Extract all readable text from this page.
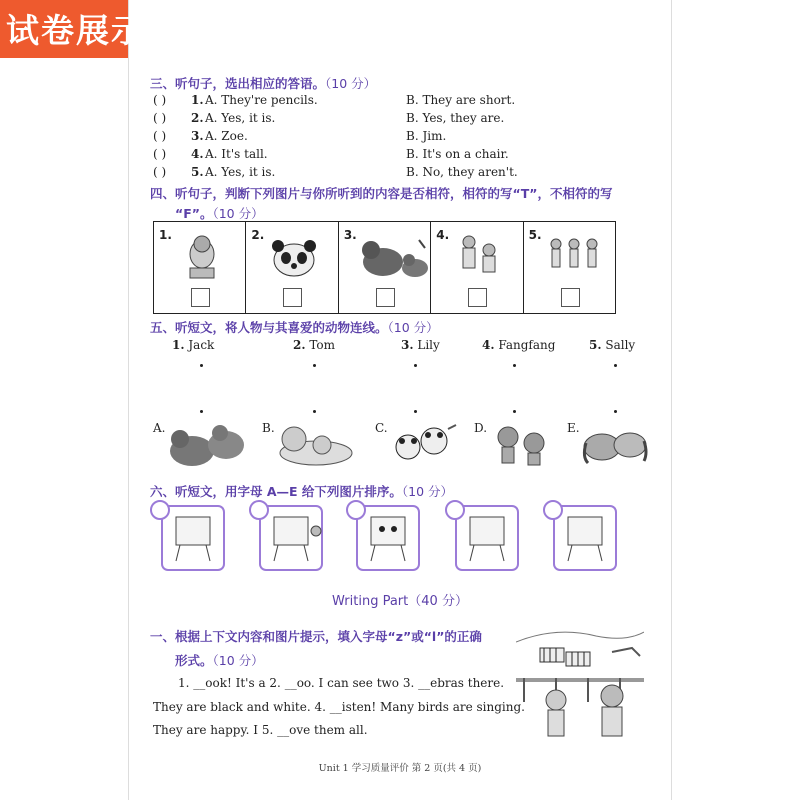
试卷展示
三、听句子，选出相应的答语。（10 分）
( ) 1. A. They're pencils.	B. They are short.
( ) 2. A. Yes, it is.	B. Yes, they are.
( ) 3. A. Zoe.	B. Jim.
( ) 4. A. It's tall.	B. It's on a chair.
( ) 5. A. Yes, it is.	B. No, they aren't.
四、听句子，判断下列图片与你所听到的内容是否相符，相符的写“T”，不相符的写
“F”。（10 分）
1.	2.	3.	4.	5.
五、听短文，将人物与其喜爱的动物连线。（10 分）
1. Jack	2. Tom	3. Lily	4. Fangfang	5. Sally
A.	B.	C.	D.	E.
六、听短文，用字母 A—E 给下列图片排序。（10 分）
Writing Part（40 分）
一、根据上下文内容和图片提示，填入字母“z”或“l”的正确
形式。（10 分）
1. __ook! It's a 2. __oo. I can see two 3. __ebras there.
They are black and white. 4. __isten! Many birds are singing.
They are happy. I 5. __ove them all.
Unit 1 学习质量评价 第 2 页(共 4 页)
